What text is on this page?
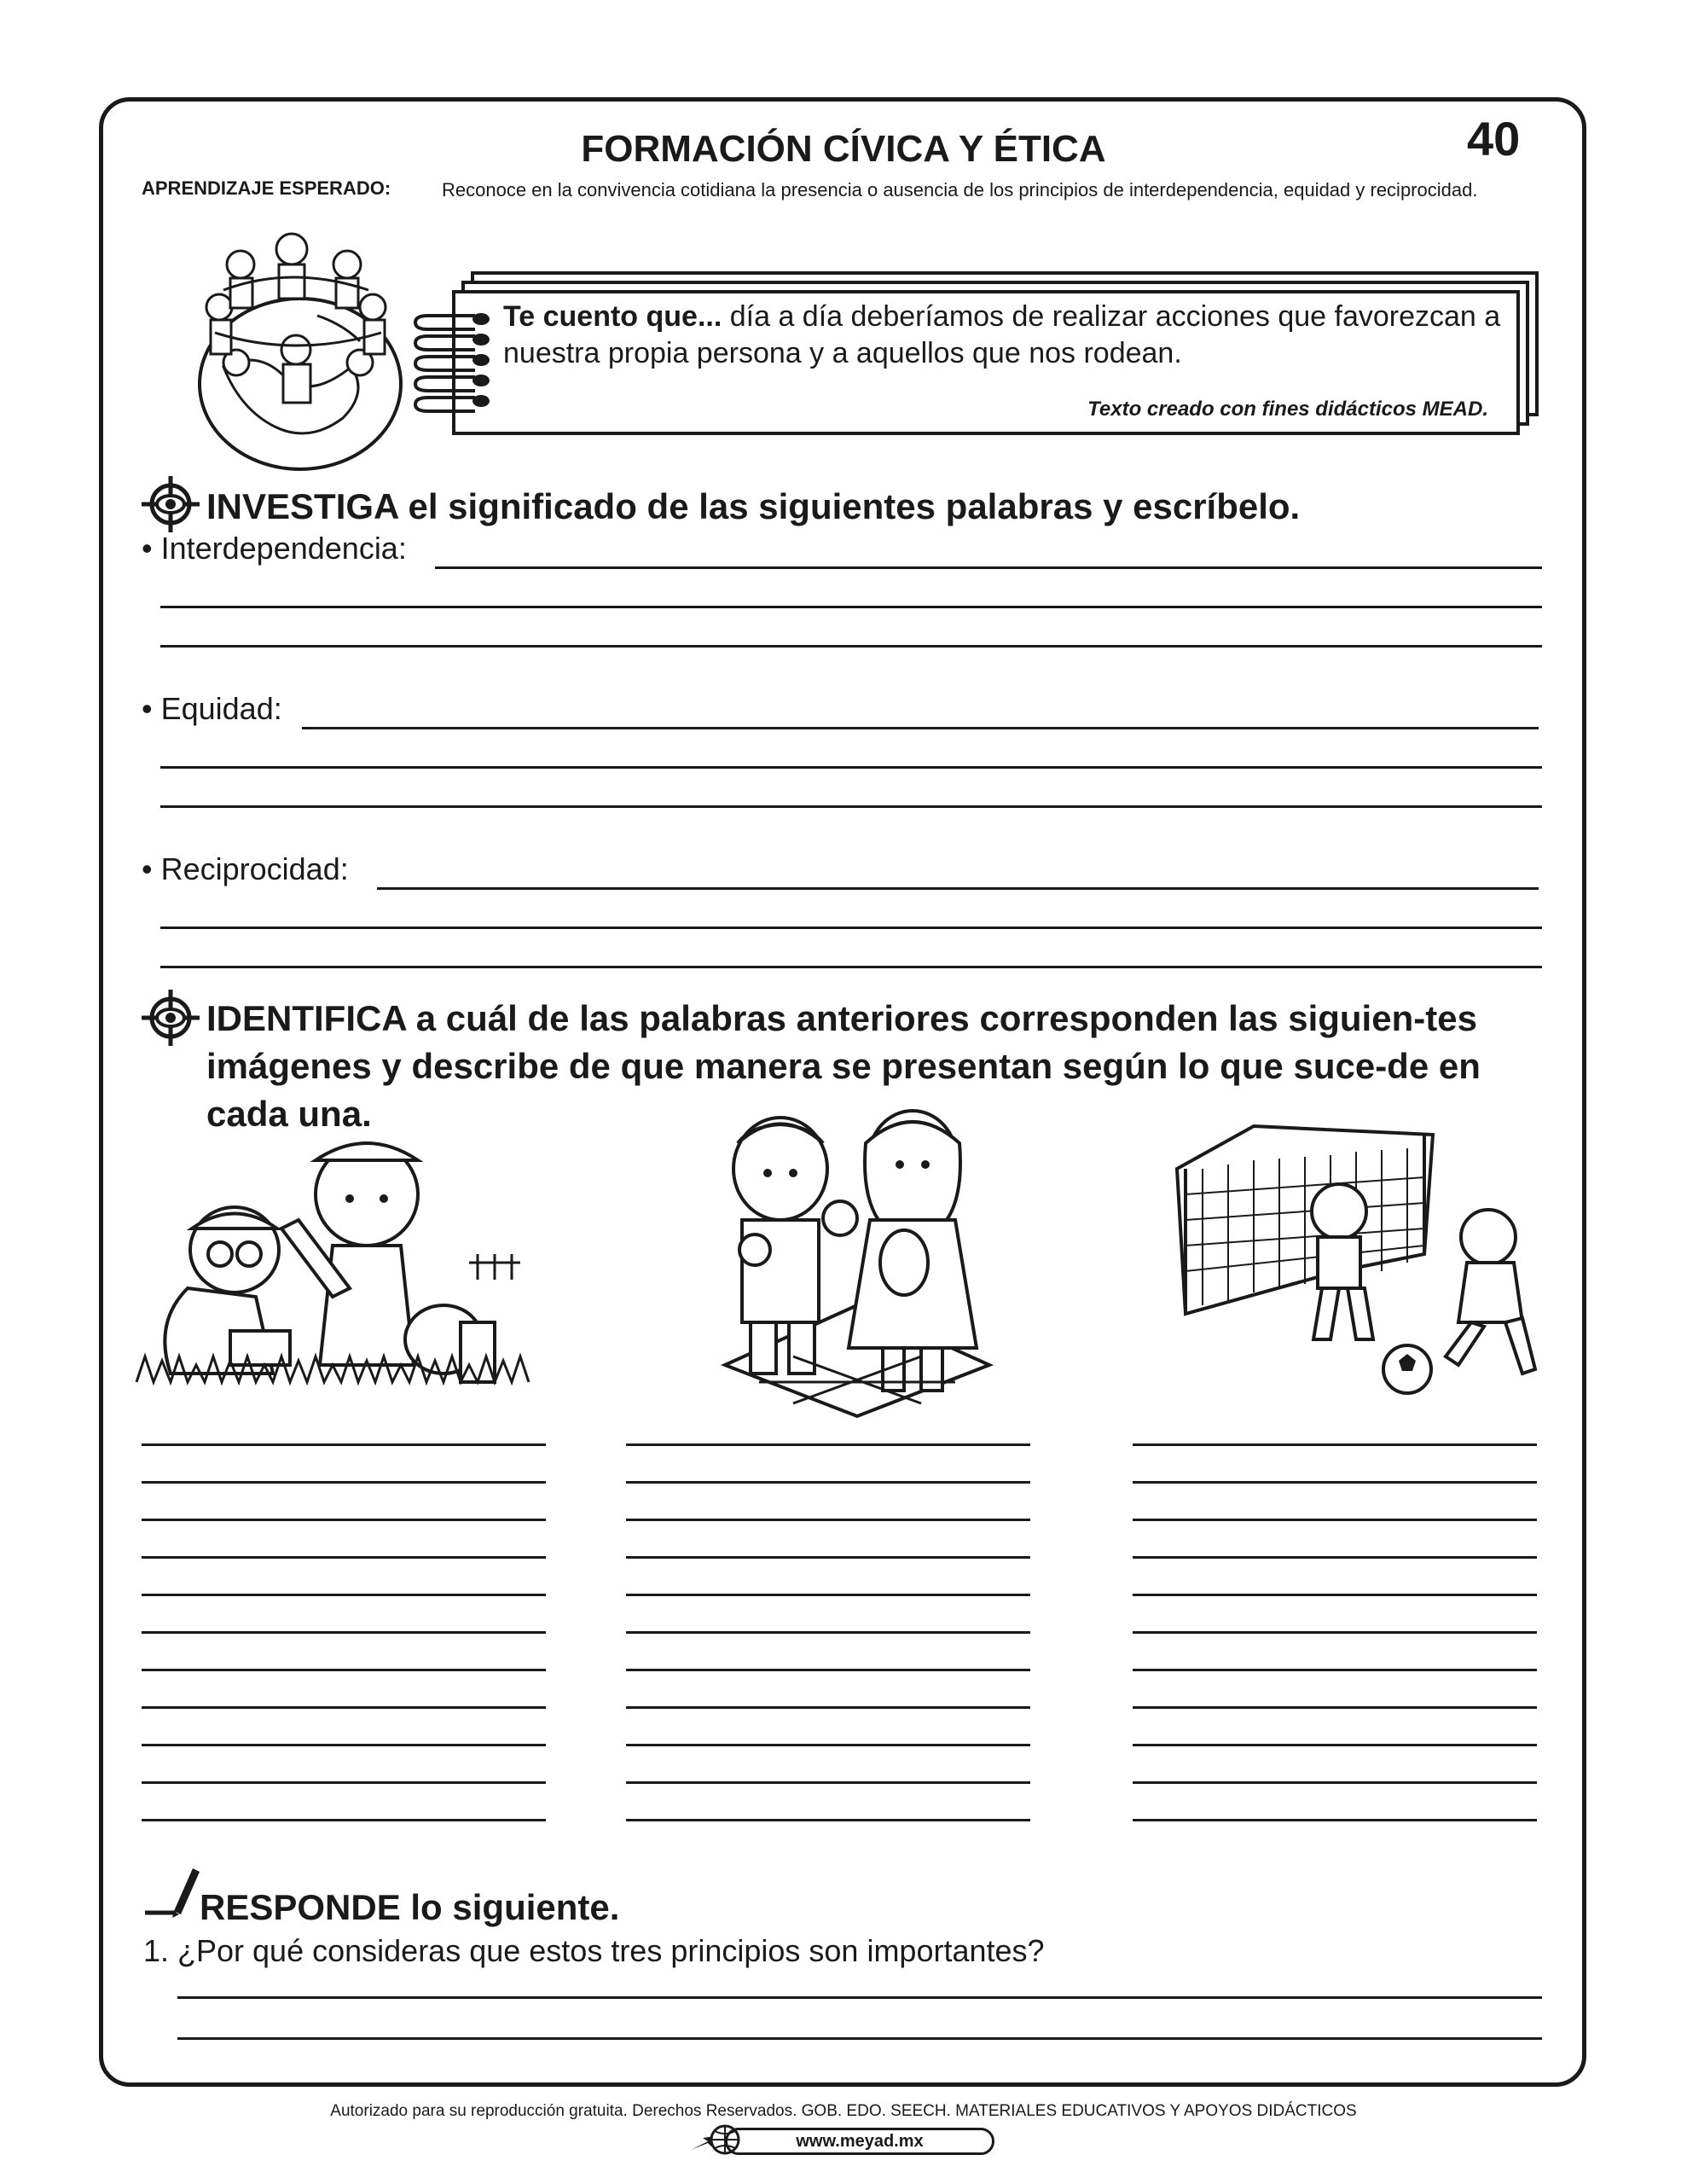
FORMACIÓN CÍVICA Y ÉTICA	40
APRENDIZAJE ESPERADO:	Reconoce en la convivencia cotidiana la presencia o ausencia de los principios de interdependencia, equidad y reciprocidad.
Te cuento que... día a día deberíamos de realizar acciones que favorezcan a nuestra propia persona y a aquellos que nos rodean.
Texto creado con fines didácticos MEAD.
INVESTIGA el significado de las siguientes palabras y escríbelo.
• Interdependencia:
• Equidad:
• Reciprocidad:
IDENTIFICA a cuál de las palabras anteriores corresponden las siguien-tes imágenes y describe de que manera se presentan según lo que suce-de en cada una.
RESPONDE lo siguiente.
1. ¿Por qué consideras que estos tres principios son importantes?
Autorizado para su reproducción gratuita. Derechos Reservados. GOB. EDO. SEECH. MATERIALES EDUCATIVOS Y APOYOS DIDÁCTICOS
www.meyad.mx
